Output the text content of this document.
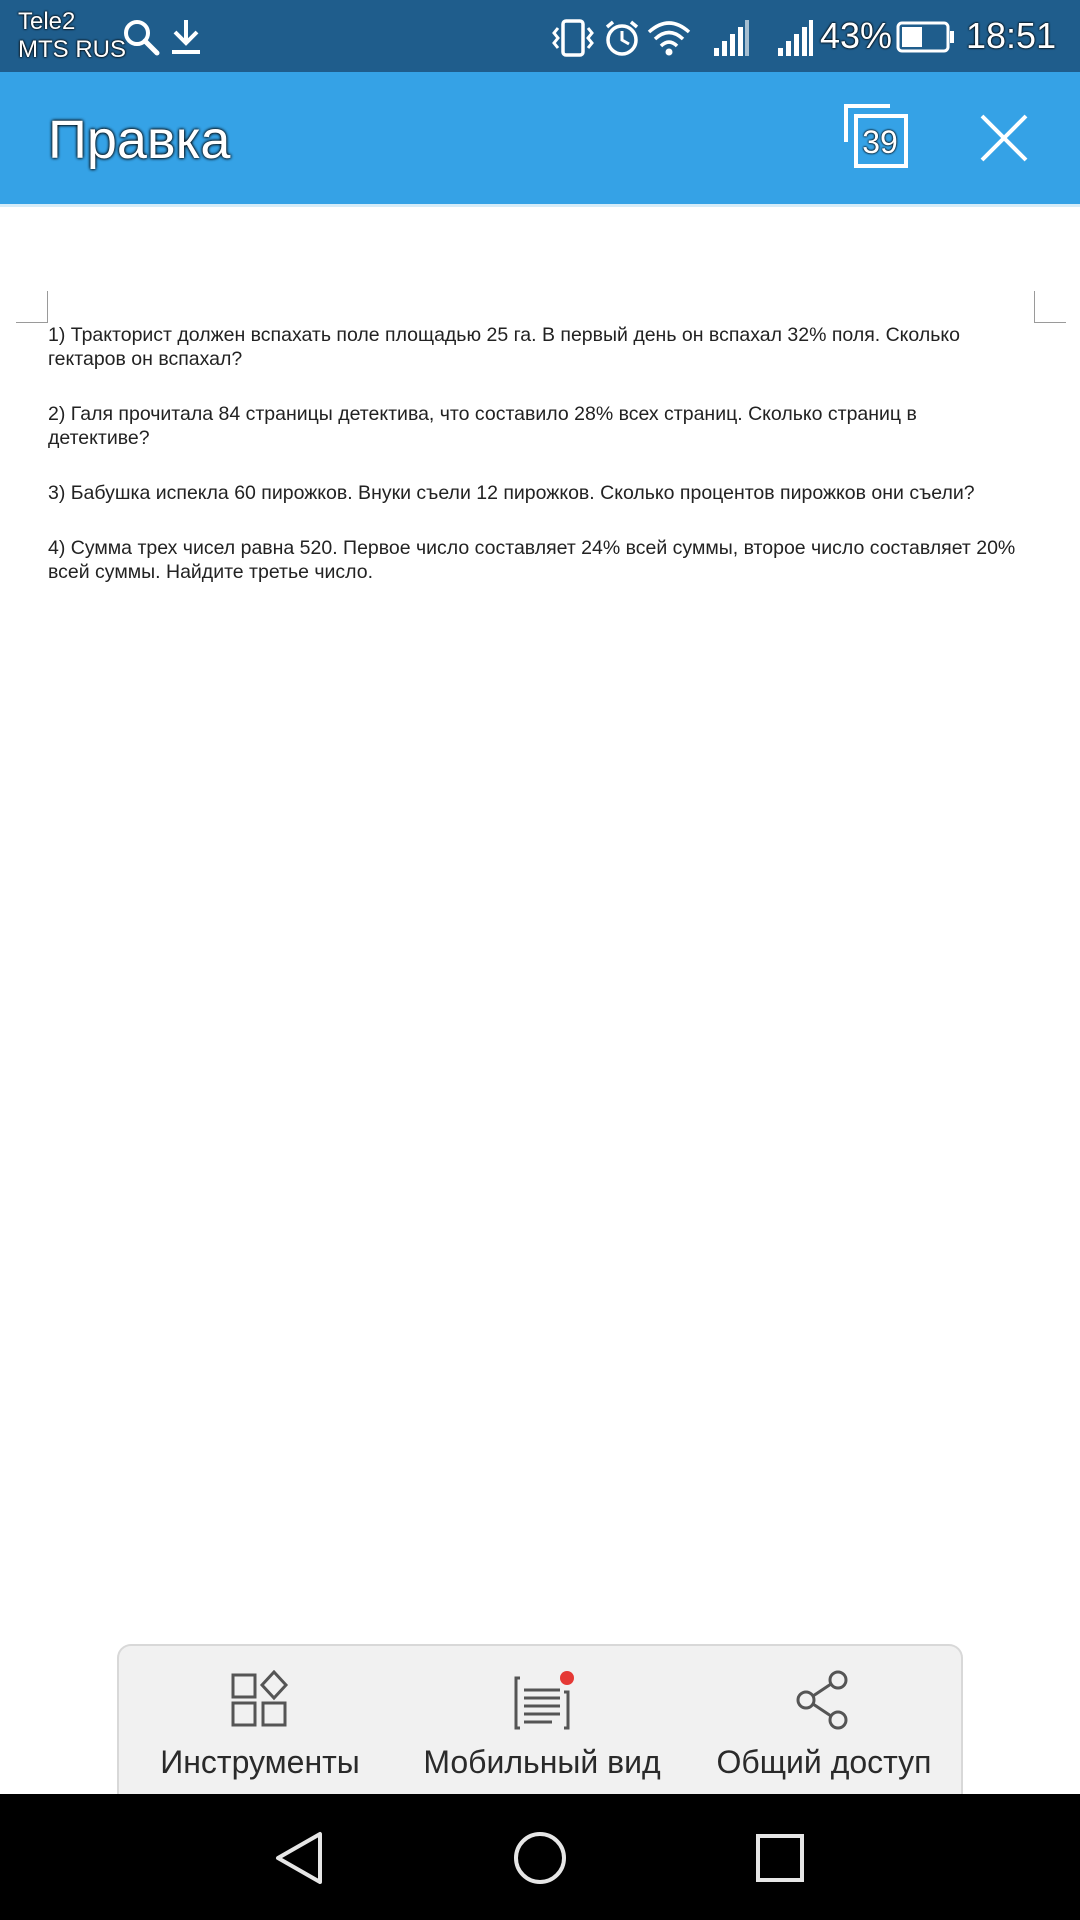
Tele2
MTS RUS	43% 18:51
Правка	39

1) Тракторист должен вспахать поле площадью 25 га. В первый день он вспахал 32% поля. Сколько гектаров он вспахал?

2) Галя прочитала 84 страницы детектива, что составило 28% всех страниц. Сколько страниц в детективе?

3) Бабушка испекла 60 пирожков. Внуки съели 12 пирожков. Сколько процентов пирожков они съели?

4) Сумма трех чисел равна 520. Первое число составляет 24% всей суммы, второе число составляет 20% всей суммы. Найдите третье число.

Инструменты	Мобильный вид	Общий доступ
